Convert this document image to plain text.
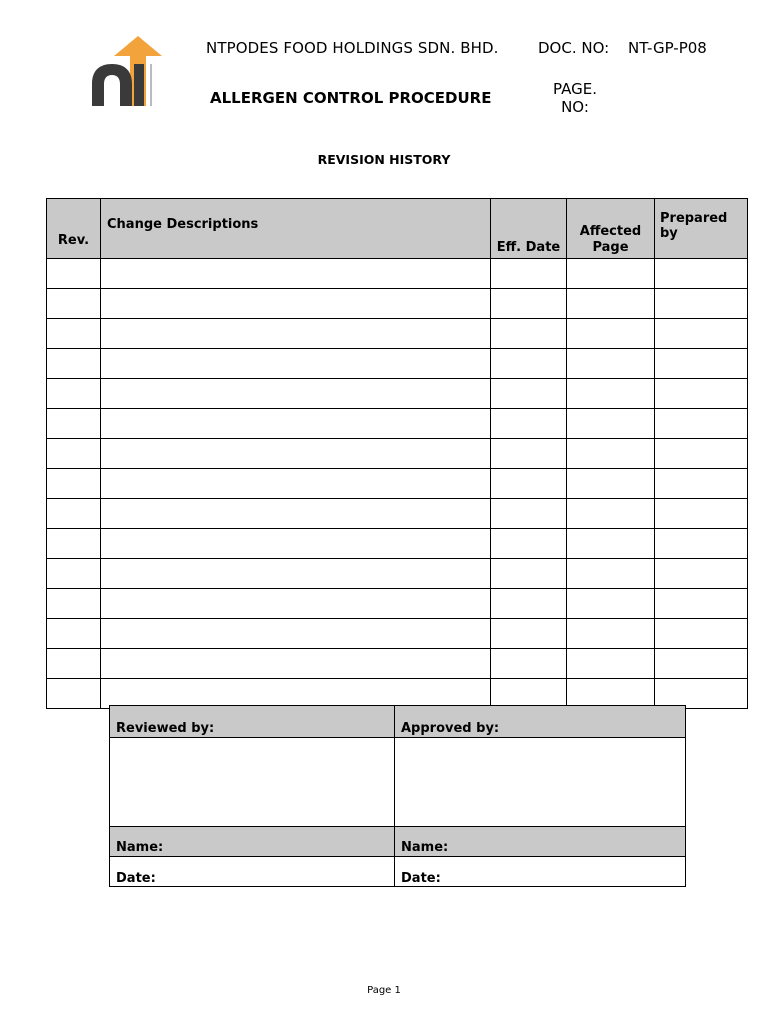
NTPODES FOOD HOLDINGS SDN. BHD.	DOC. NO: NT-GP-P08
ALLERGEN CONTROL PROCEDURE	PAGE. NO:
REVISION HISTORY
Rev.	Change Descriptions	Eff. Date	Affected Page	Prepared by

Reviewed by:	Approved by:

Name:	Name:
Date:	Date:
Page 1
